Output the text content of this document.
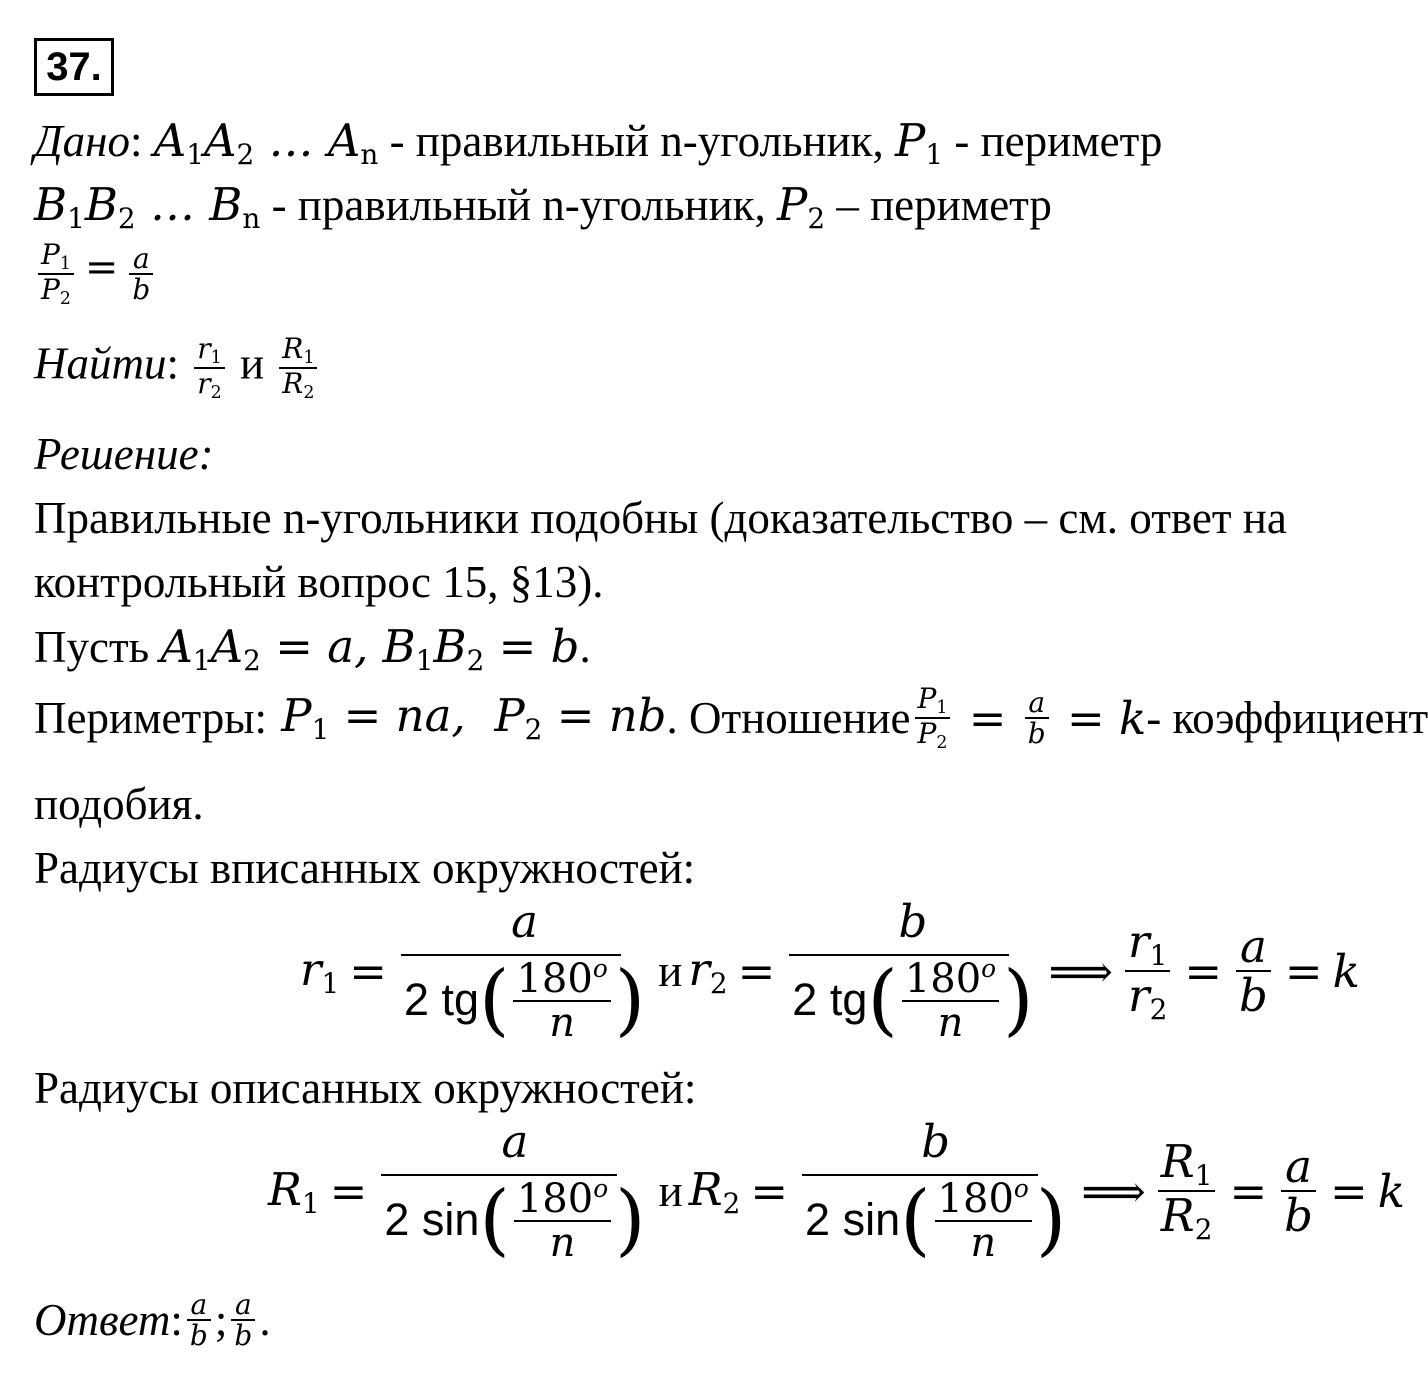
37.
Дано: $A_1A_2$ … $A_n$ - правильный n-угольник, $P_1$ - периметр
$B_1B_2$ … $B_n$ - правильный n-угольник, $P_2$ – периметр
$\frac{P_1}{P_2} = \frac{a}{b}$
Найти: $\frac{r_1}{r_2}$ и $\frac{R_1}{R_2}$
Решение:
Правильные n-угольники подобны (доказательство – см. ответ на
контрольный вопрос 15, §13).
Пусть $A_1A_2 = a$, $B_1B_2 = b$.
Периметры: $P_1$ = na,  $P_2$ = nb . Отношение $\frac{P_1}{P_2} = \frac{a}{b} = k$ - коэффициент
подобия.
Радиусы вписанных окружностей:
$r_1 = \frac{a}{2 tg ( \frac{180^o}{n} )}$ и $r_2 = \frac{b}{2 tg ( \frac{180^o}{n} )}$ ⟹ $\frac{r_1}{r_2} = \frac{a}{b} = k$
Радиусы описанных окружностей:
$R_1 = \frac{a}{2 \sin ( \frac{180^o}{n} )}$ и $R_2 = \frac{b}{2 \sin ( \frac{180^o}{n} )}$ ⟹ $\frac{R_1}{R_2} = \frac{a}{b} = k$
Ответ : $\frac{a}{b}$ ; $\frac{a}{b}$ .
